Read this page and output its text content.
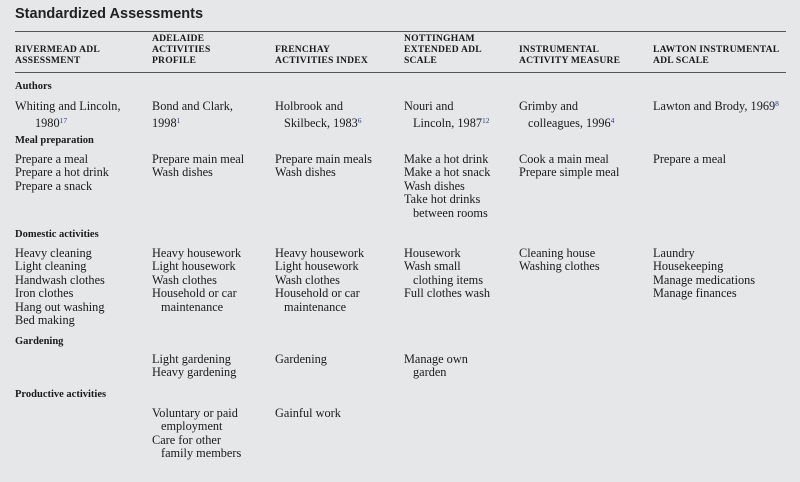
Standardized Assessments
RIVERMEAD ADL
ASSESSMENT
ADELAIDE
ACTIVITIES
PROFILE
FRENCHAY
ACTIVITIES INDEX
NOTTINGHAM
EXTENDED ADL
SCALE
INSTRUMENTAL
ACTIVITY MEASURE
LAWTON INSTRUMENTAL
ADL SCALE
Authors
Whiting and Lincoln,
1980$^{17}$
Bond and Clark,
1998$^1$
Holbrook and
Skilbeck, 1983$^6$
Nouri and
Lincoln, 1987$^{12}$
Grimby and
colleagues, 1996$^4$
Lawton and Brody, 1969$^8$
Meal preparation
Prepare a meal
Prepare a hot drink
Prepare a snack
Prepare main meal
Wash dishes
Prepare main meals
Wash dishes
Make a hot drink
Make a hot snack
Wash dishes
Take hot drinks
between rooms
Cook a main meal
Prepare simple meal
Prepare a meal
Domestic activities
Heavy cleaning
Light cleaning
Handwash clothes
Iron clothes
Hang out washing
Bed making
Heavy housework
Light housework
Wash clothes
Household or car
maintenance
Heavy housework
Light housework
Wash clothes
Household or car
maintenance
Housework
Wash small
clothing items
Full clothes wash
Cleaning house
Washing clothes
Laundry
Housekeeping
Manage medications
Manage finances
Gardening
Light gardening
Heavy gardening
Gardening	Manage own
garden
Productive activities
Voluntary or paid
employment
Care for other
family members
Gainful work
